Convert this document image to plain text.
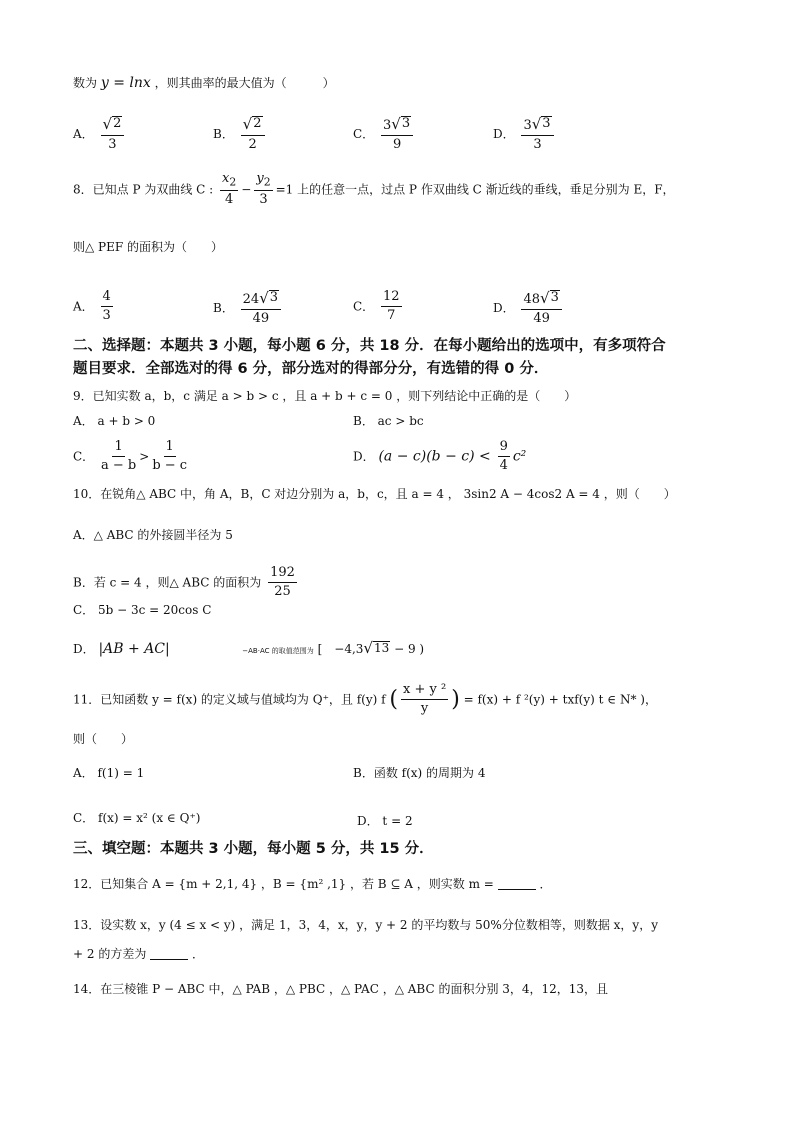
数为 y = lnx ，则其曲率的最大值为（　　　）
A． $\frac{√ 2}{3}$	B． $\frac{√ 2}{2}$	C． $\frac{3 √ 3}{9}$	D． $\frac{3 √ 3}{3}$
8．已知点 P 为双曲线 C : $\frac{x_2}{4} - \frac{y_2}{3} =1$ 上的任意一点，过点 P 作双曲线 C 渐近线的垂线，垂足分别为 E，F，
则△ PEF 的面积为（　　）
A． $\frac{4}{3}$	B． $\frac{24 √ 3}{49}$	C． $\frac{12}{7}$	D． $\frac{48 √ 3}{49}$
二、选择题：本题共 3 小题，每小题 6 分，共 18 分．在每小题给出的选项中，有多项符合
题目要求．全部选对的得 6 分，部分选对的得部分分，有选错的得 0 分．
9．已知实数 a，b，c 满足 a > b > c ，且 a + b + c = 0 ，则下列结论中正确的是（　　）
A． a + b > 0	B． ac > bc
C． $\frac{1}{a - b} > \frac{1}{b - c}$	D． $(a - c)(b - c) < \frac{9}{4} c^2$
10．在锐角△ ABC 中，角 A，B，C 对边分别为 a，b，c，且 a = 4 ， 3sin2 A − 4cos2 A = 4 ，则（　　）
A．△ ABC 的外接圆半径为 5
B．若 c = 4 ，则△ ABC 的面积为 $\frac{192}{25}$
C． 5b − 3c = 20cos C
D． |AB + AC|	−AB·AC 的取值范围为 [　−4,3 √ 13 − 9 )
11．已知函数 y = f(x) 的定义域与值域均为 Q⁺，且 f(y) f ( $\frac{\text{x + y ²}}{y}$ ) = f(x) + f ²(y) + txf(y) t ∈ N* )，
则（　　）
A． f(1) = 1	B．函数 f(x) 的周期为 4
C． f(x) = x² (x ∈ Q⁺)	D． t = 2
三、填空题：本题共 3 小题，每小题 5 分，共 15 分．
12．已知集合 A = {m + 2,1, 4} ，B = {m² ,1} ，若 B ⊆ A ，则实数 m =	．
13．设实数 x，y (4 ≤ x < y) ，满足 1，3，4，x，y，y + 2 的平均数与 50%分位数相等，则数据 x，y，y
+ 2 的方差为	．
14．在三棱锥 P − ABC 中，△ PAB ，△ PBC ，△ PAC ，△ ABC 的面积分别 3，4，12，13，且
